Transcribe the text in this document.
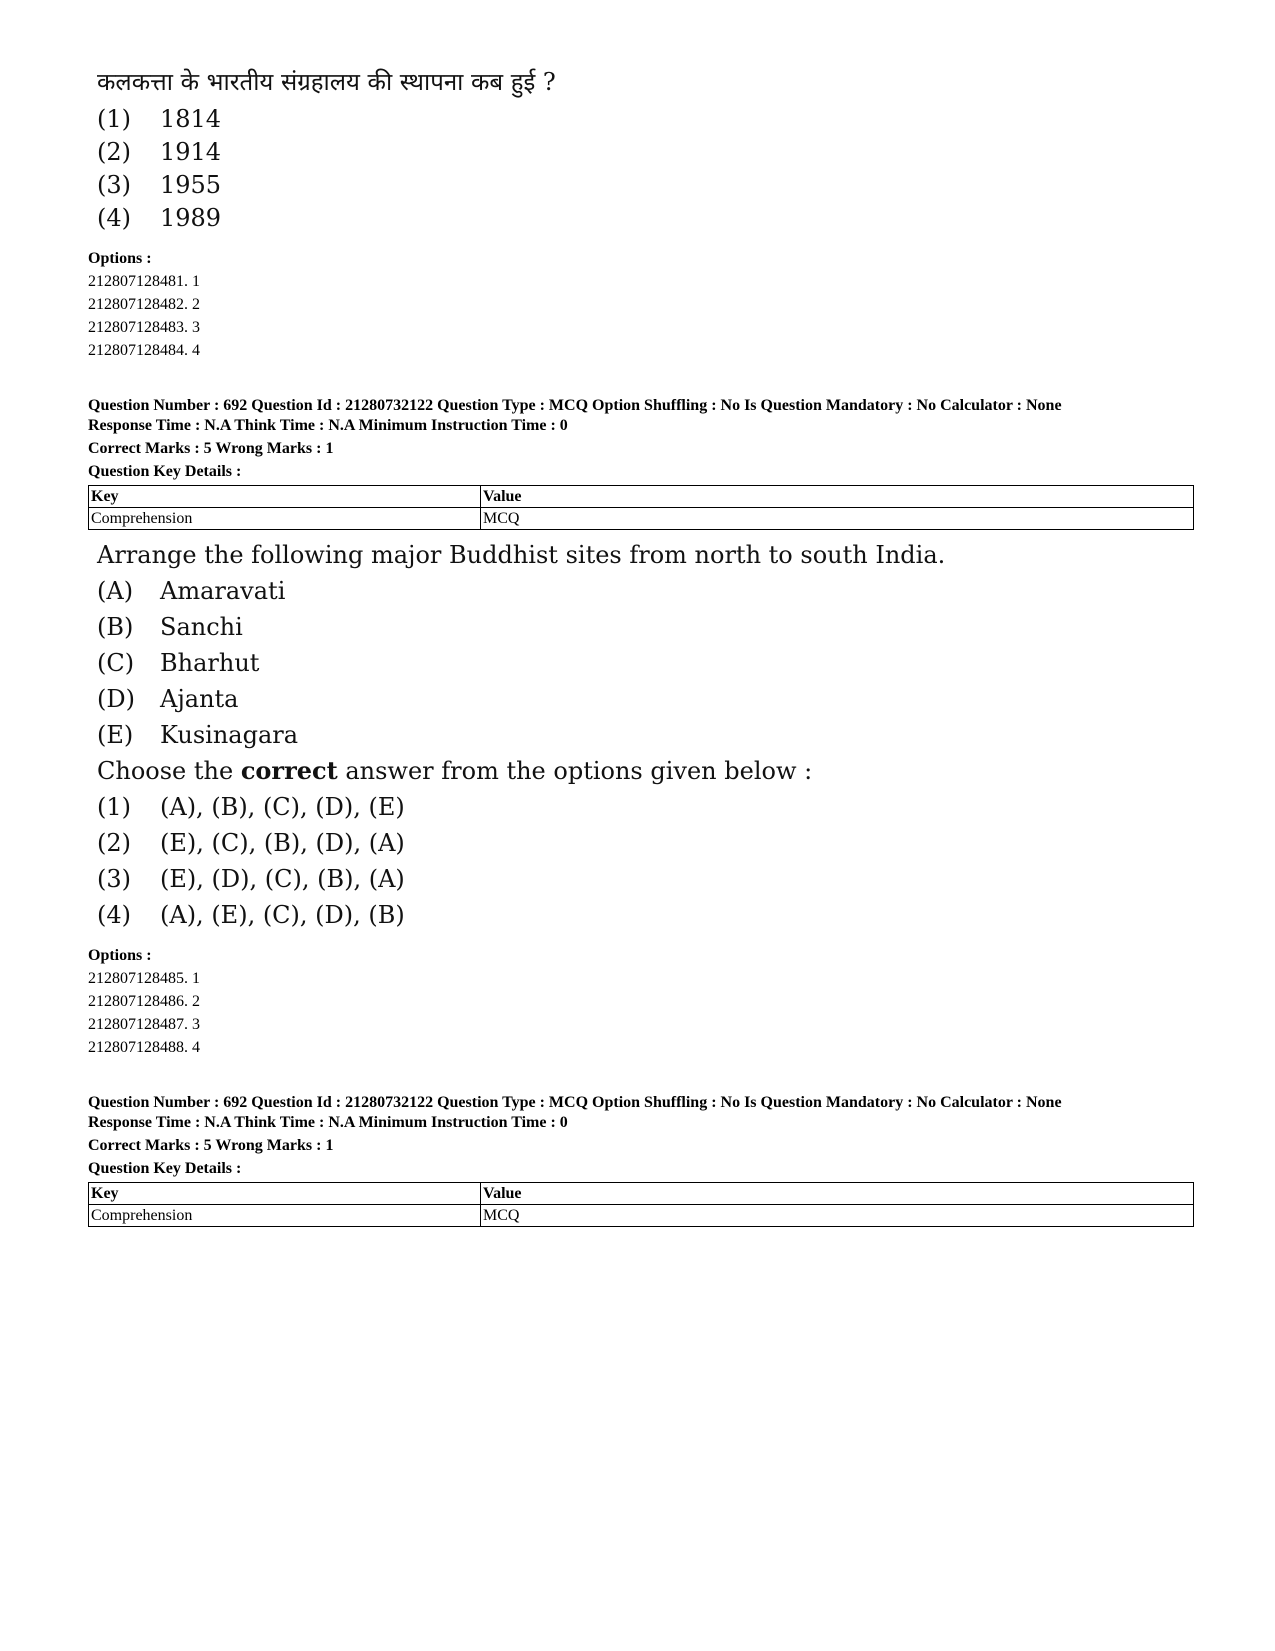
कलकत्ता के भारतीय संग्रहालय की स्थापना कब हुई ?
(1) 1814
(2) 1914
(3) 1955
(4) 1989
Options :
212807128481. 1
212807128482. 2
212807128483. 3
212807128484. 4
Question Number : 692 Question Id : 21280732122 Question Type : MCQ Option Shuffling : No Is Question Mandatory : No Calculator : None
Response Time : N.A Think Time : N.A Minimum Instruction Time : 0
Correct Marks : 5 Wrong Marks : 1
Question Key Details :
Key	Value
Comprehension	MCQ
Arrange the following major Buddhist sites from north to south India.
(A) Amaravati
(B) Sanchi
(C) Bharhut
(D) Ajanta
(E) Kusinagara
Choose the correct answer from the options given below :
(1) (A), (B), (C), (D), (E)
(2) (E), (C), (B), (D), (A)
(3) (E), (D), (C), (B), (A)
(4) (A), (E), (C), (D), (B)
Options :
212807128485. 1
212807128486. 2
212807128487. 3
212807128488. 4
Question Number : 692 Question Id : 21280732122 Question Type : MCQ Option Shuffling : No Is Question Mandatory : No Calculator : None
Response Time : N.A Think Time : N.A Minimum Instruction Time : 0
Correct Marks : 5 Wrong Marks : 1
Question Key Details :
Key	Value
Comprehension	MCQ
